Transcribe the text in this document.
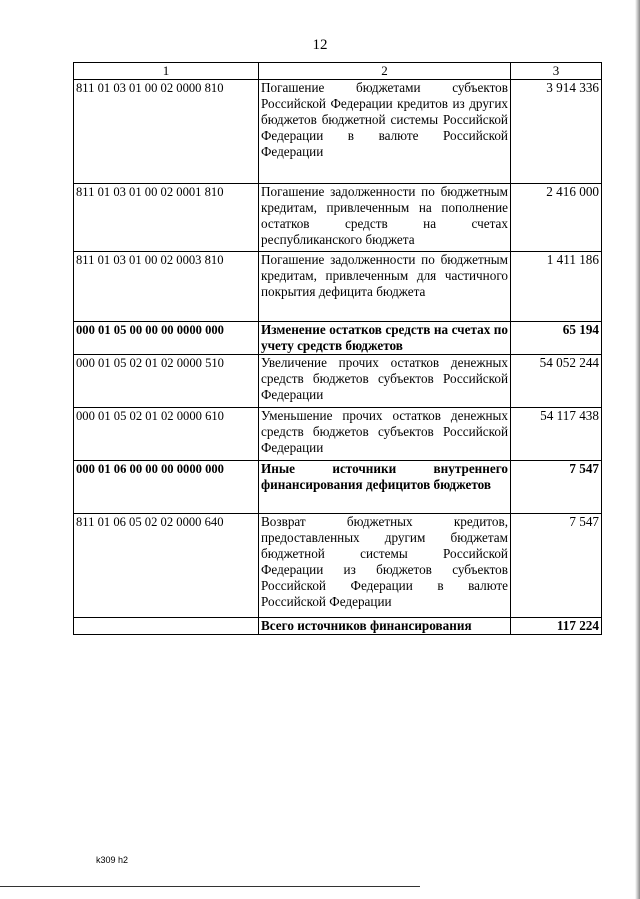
12
1	2	3
811 01 03 01 00 02 0000 810	Погашение бюджетами субъектов Российской Федерации кредитов из других бюджетов бюджетной системы Российской Федерации в валюте Российской Федерации	3 914 336
811 01 03 01 00 02 0001 810	Погашение задолженности по бюджетным кредитам, привлеченным на пополнение остатков средств на счетах республиканского бюджета	2 416 000
811 01 03 01 00 02 0003 810	Погашение задолженности по бюджетным кредитам, привлеченным для частичного покрытия дефицита бюджета	1 411 186
000 01 05 00 00 00 0000 000	Изменение остатков средств на счетах по учету средств бюджетов	65 194
000 01 05 02 01 02 0000 510	Увеличение прочих остатков денежных средств бюджетов субъектов Российской Федерации	54 052 244
000 01 05 02 01 02 0000 610	Уменьшение прочих остатков денежных средств бюджетов субъектов Российской Федерации	54 117 438
000 01 06 00 00 00 0000 000	Иные источники внутреннего финансирования дефицитов бюджетов	7 547
811 01 06 05 02 02 0000 640	Возврат бюджетных кредитов, предоставленных другим бюджетам бюджетной системы Российской Федерации из бюджетов субъектов Российской Федерации в валюте Российской Федерации	7 547
	Всего источников финансирования	117 224
k309 h2
